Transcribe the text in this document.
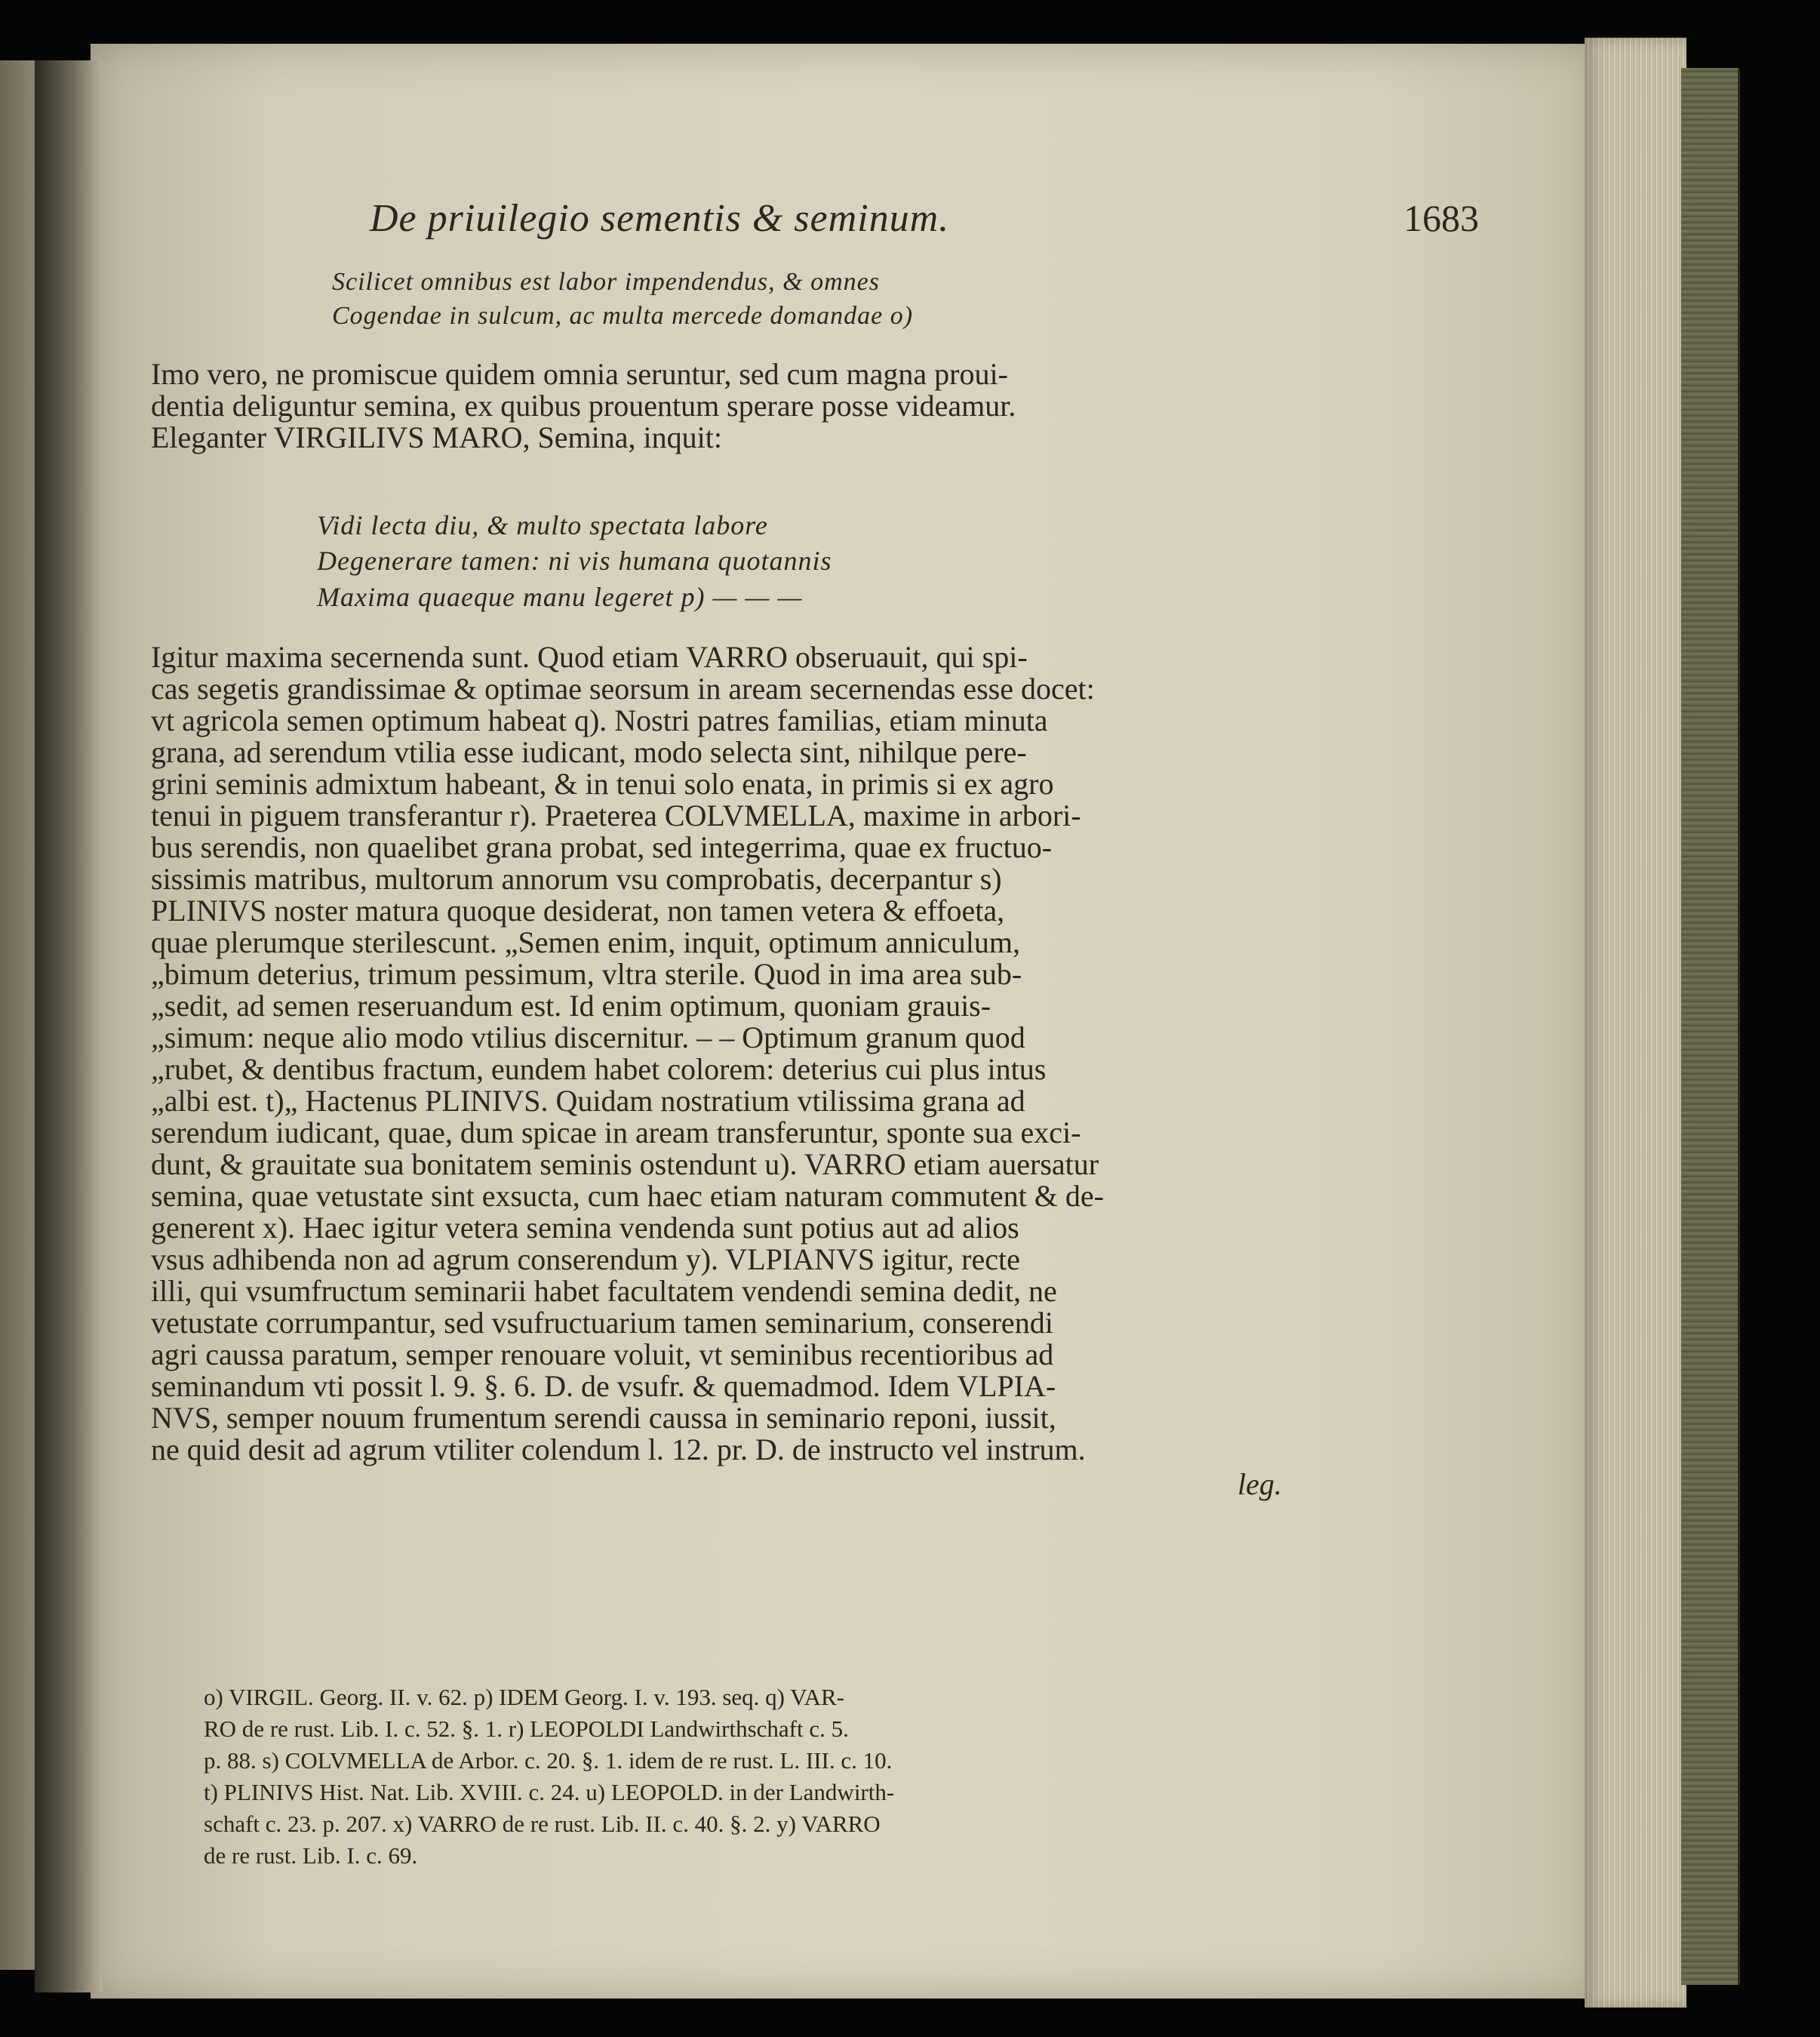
De priuilegio sementis & seminum.	1683
Scilicet omnibus est labor impendendus, & omnes
Cogendae in sulcum, ac multa mercede domandae o)
Imo vero, ne promiscue quidem omnia seruntur, sed cum magna proui-
dentia deliguntur semina, ex quibus prouentum sperare posse videamur.
Eleganter VIRGILIVS MARO, Semina, inquit:
Vidi lecta diu, & multo spectata labore
Degenerare tamen: ni vis humana quotannis
Maxima quaeque manu legeret p) — — —
Igitur maxima secernenda sunt. Quod etiam VARRO obseruauit, qui spi-
cas segetis grandissimae & optimae seorsum in aream secernendas esse docet:
vt agricola semen optimum habeat q). Nostri patres familias, etiam minuta
grana, ad serendum vtilia esse iudicant, modo selecta sint, nihilque pere-
grini seminis admixtum habeant, & in tenui solo enata, in primis si ex agro
tenui in piguem transferantur r). Praeterea COLVMELLA, maxime in arbori-
bus serendis, non quaelibet grana probat, sed integerrima, quae ex fructuo-
sissimis matribus, multorum annorum vsu comprobatis, decerpantur s)
PLINIVS noster matura quoque desiderat, non tamen vetera & effoeta,
quae plerumque sterilescunt. „Semen enim, inquit, optimum anniculum,
„bimum deterius, trimum pessimum, vltra sterile. Quod in ima area sub-
„sedit, ad semen reseruandum est. Id enim optimum, quoniam grauis-
„simum: neque alio modo vtilius discernitur. – – Optimum granum quod
„rubet, & dentibus fractum, eundem habet colorem: deterius cui plus intus
„albi est. t)„ Hactenus PLINIVS. Quidam nostratium vtilissima grana ad
serendum iudicant, quae, dum spicae in aream transferuntur, sponte sua exci-
dunt, & grauitate sua bonitatem seminis ostendunt u). VARRO etiam auersatur
semina, quae vetustate sint exsucta, cum haec etiam naturam commutent & de-
generent x). Haec igitur vetera semina vendenda sunt potius aut ad alios
vsus adhibenda non ad agrum conserendum y). VLPIANVS igitur, recte
illi, qui vsumfructum seminarii habet facultatem vendendi semina dedit, ne
vetustate corrumpantur, sed vsufructuarium tamen seminarium, conserendi
agri caussa paratum, semper renouare voluit, vt seminibus recentioribus ad
seminandum vti possit l. 9. §. 6. D. de vsufr. & quemadmod. Idem VLPIA-
NVS, semper nouum frumentum serendi caussa in seminario reponi, iussit,
ne quid desit ad agrum vtiliter colendum l. 12. pr. D. de instructo vel instrum.
leg.
o) VIRGIL. Georg. II. v. 62. p) IDEM Georg. I. v. 193. seq. q) VAR-
RO de re rust. Lib. I. c. 52. §. 1. r) LEOPOLDI Landwirthschaft c. 5.
p. 88. s) COLVMELLA de Arbor. c. 20. §. 1. idem de re rust. L. III. c. 10.
t) PLINIVS Hist. Nat. Lib. XVIII. c. 24. u) LEOPOLD. in der Landwirth-
schaft c. 23. p. 207. x) VARRO de re rust. Lib. II. c. 40. §. 2. y) VARRO
de re rust. Lib. I. c. 69.
